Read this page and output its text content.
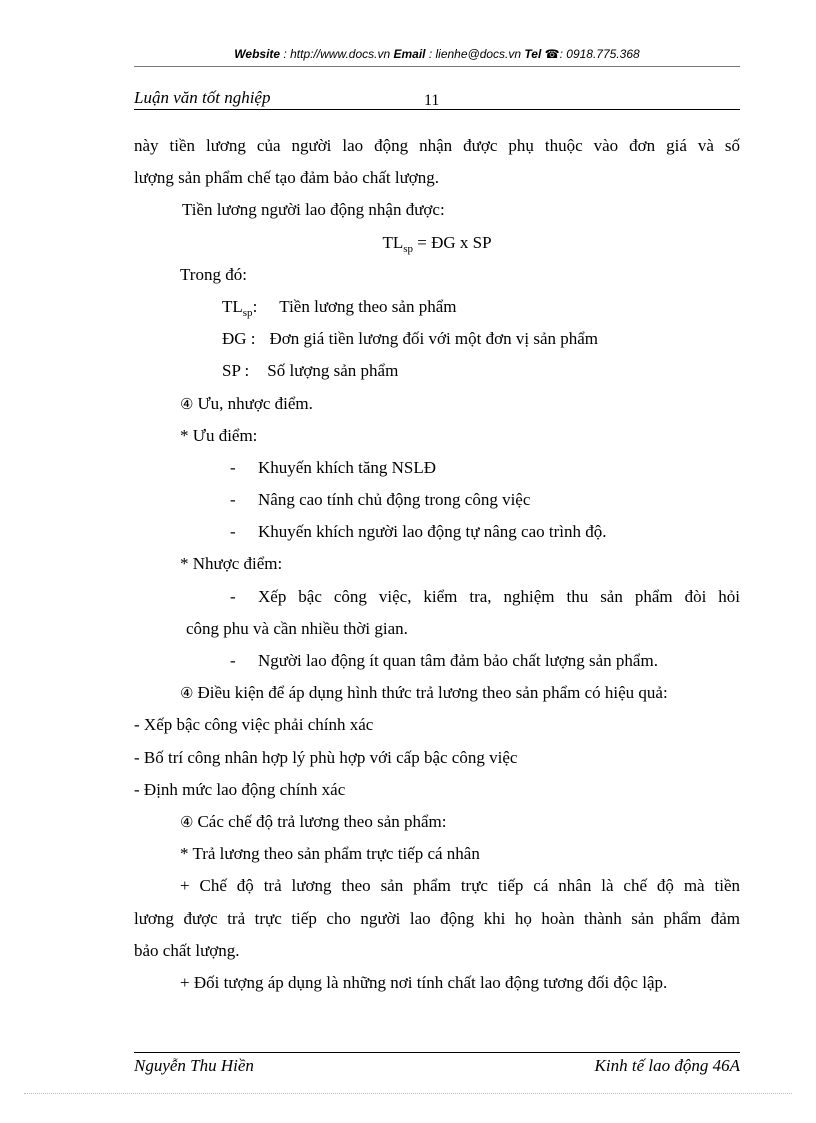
Website : http://www.docs.vn Email : lienhe@docs.vn Tel ☎: 0918.775.368
Luận văn tốt nghiệp	11
này tiền lương của người lao động nhận được phụ thuộc vào đơn giá và số
lượng sản phẩm chế tạo đảm bảo chất lượng.
Tiền lương người lao động nhận được:
$TL_{sp}$ = ĐG x SP
Trong đó:
$TL_{sp}$: Tiền lương theo sản phẩm
ĐG : Đơn giá tiền lương đối với một đơn vị sản phẩm
SP : Số lượng sản phẩm
④ Ưu, nhược điểm.
* Ưu điểm:
- Khuyến khích tăng NSLĐ
- Nâng cao tính chủ động trong công việc
- Khuyến khích người lao động tự nâng cao trình độ.
* Nhược điểm:
- Xếp bậc công việc, kiểm tra, nghiệm thu sản phẩm đòi hỏi
công phu và cần nhiều thời gian.
- Người lao động ít quan tâm đảm bảo chất lượng sản phẩm.
④ Điều kiện để áp dụng hình thức trả lương theo sản phẩm có hiệu quả:
- Xếp bậc công việc phải chính xác
- Bố trí công nhân hợp lý phù hợp với cấp bậc công việc
- Định mức lao động chính xác
④ Các chế độ trả lương theo sản phẩm:
* Trả lương theo sản phẩm trực tiếp cá nhân
+ Chế độ trả lương theo sản phẩm trực tiếp cá nhân là chế độ mà tiền
lương được trả trực tiếp cho người lao động khi họ hoàn thành sản phẩm đảm
bảo chất lượng.
+ Đối tượng áp dụng là những nơi tính chất lao động tương đối độc lập.
Nguyễn Thu Hiền	Kinh tế lao động 46A
